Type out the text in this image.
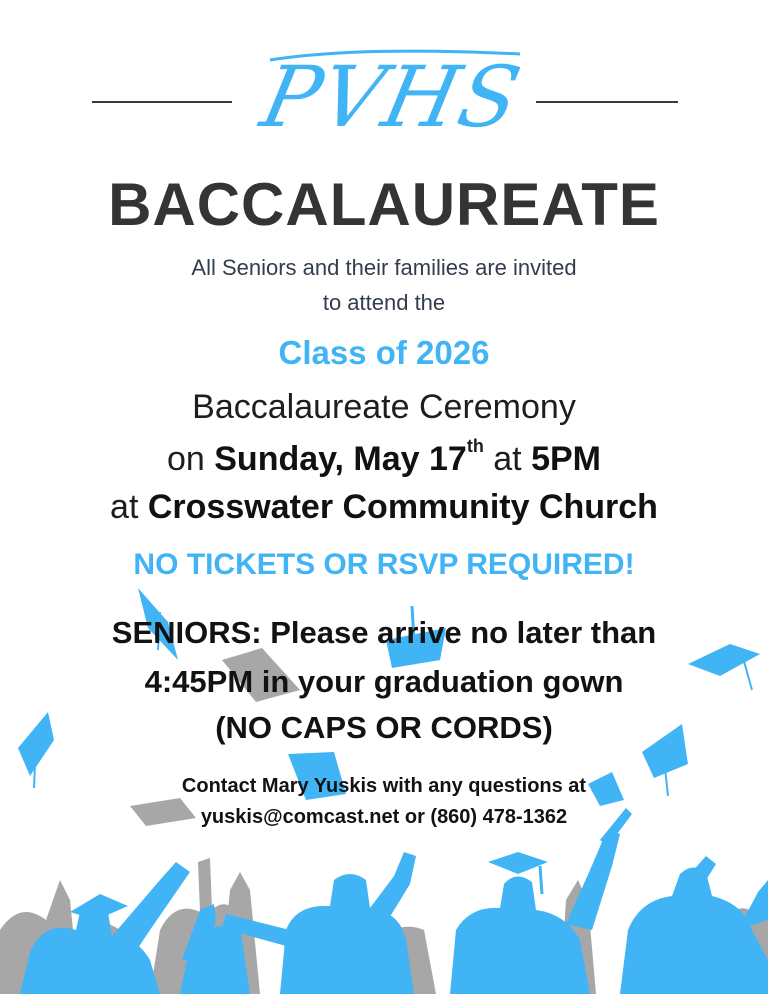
PVHS
BACCALAUREATE
All Seniors and their families are invited
to attend the
Class of 2026
Baccalaureate Ceremony
on Sunday, May 17th at 5PM
at Crosswater Community Church
NO TICKETS OR RSVP REQUIRED!
SENIORS: Please arrive no later than
4:45PM in your graduation gown
(NO CAPS OR CORDS)
Contact Mary Yuskis with any questions at
yuskis@comcast.net or (860) 478-1362
